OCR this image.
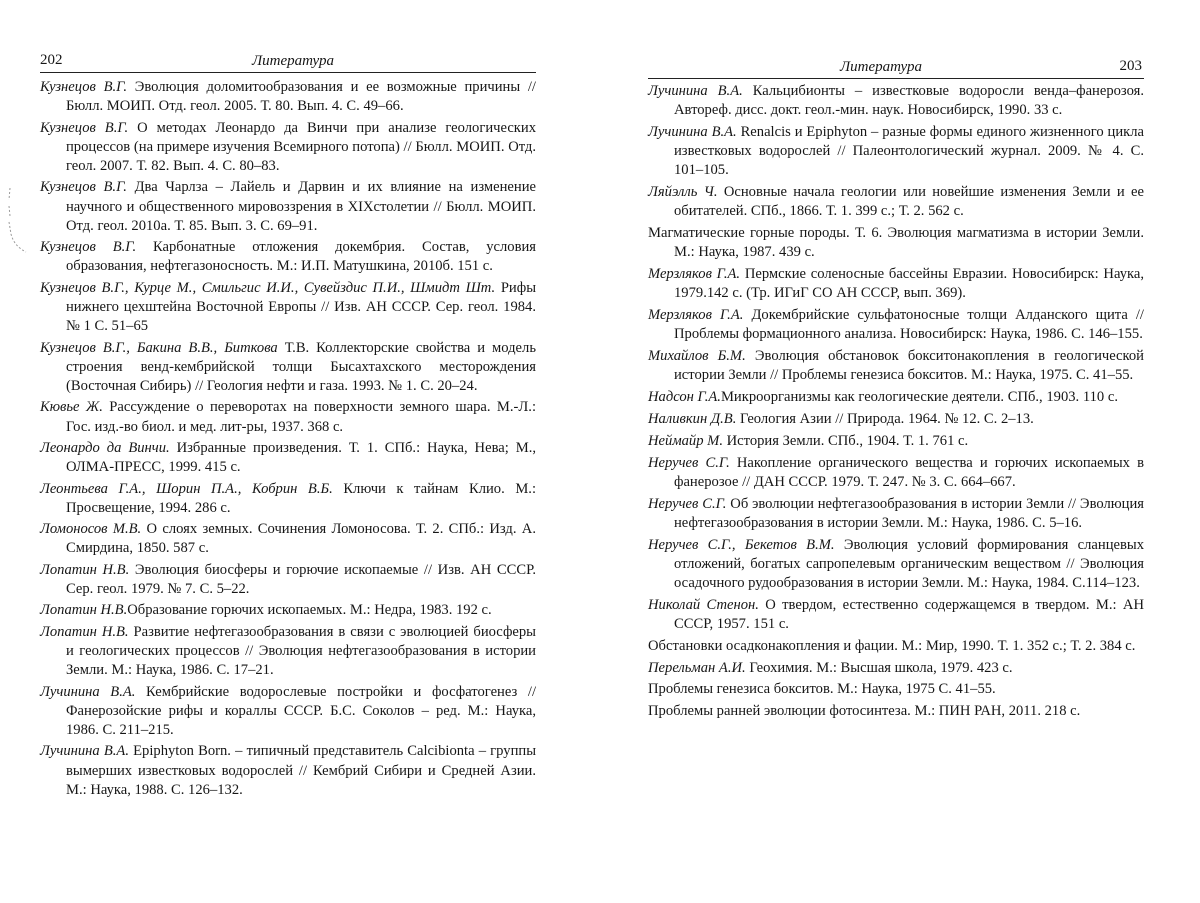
202	Литература
Кузнецов В.Г. Эволюция доломитообразования и ее возможные причины // Бюлл. МОИП. Отд. геол. 2005. Т. 80. Вып. 4. С. 49–66.
Кузнецов В.Г. О методах Леонардо да Винчи при анализе геологических процессов (на примере изучения Всемирного потопа) // Бюлл. МОИП. Отд. геол. 2007. Т. 82. Вып. 4. С. 80–83.
Кузнецов В.Г. Два Чарлза – Лайель и Дарвин и их влияние на изменение научного и общественного мировоззрения в XIXстолетии // Бюлл. МОИП. Отд. геол. 2010а. Т. 85. Вып. 3. С. 69–91.
Кузнецов В.Г. Карбонатные отложения докембрия. Состав, условия образования, нефтегазоносность. М.: И.П. Матушкина, 2010б. 151 с.
Кузнецов В.Г., Курце М., Смильгис И.И., Сувейздис П.И., Шмидт Шт. Рифы нижнего цехштейна Восточной Европы // Изв. АН СССР. Сер. геол. 1984. № 1 С. 51–65
Кузнецов В.Г., Бакина В.В., Биткова Т.В. Коллекторские свойства и модель строения венд-кембрийской толщи Бысахтахского месторождения (Восточная Сибирь) // Геология нефти и газа. 1993. № 1. С. 20–24.
Кювье Ж. Рассуждение о переворотах на поверхности земного шара. М.-Л.: Гос. изд.-во биол. и мед. лит-ры, 1937. 368 с.
Леонардо да Винчи. Избранные произведения. Т. 1. СПб.: Наука, Нева; М., ОЛМА-ПРЕСС, 1999. 415 с.
Леонтьева Г.А., Шорин П.А., Кобрин В.Б. Ключи к тайнам Клио. М.: Просвещение, 1994. 286 с.
Ломоносов М.В. О слоях земных. Сочинения Ломоносова. Т. 2. СПб.: Изд. А. Смирдина, 1850. 587 с.
Лопатин Н.В. Эволюция биосферы и горючие ископаемые // Изв. АН СССР. Сер. геол. 1979. № 7. С. 5–22.
Лопатин Н.В.Образование горючих ископаемых. М.: Недра, 1983. 192 с.
Лопатин Н.В. Развитие нефтегазообразования в связи с эволюцией биосферы и геологических процессов // Эволюция нефтегазообразования в истории Земли. М.: Наука, 1986. С. 17–21.
Лучинина В.А. Кембрийские водорослевые постройки и фосфатогенез // Фанерозойские рифы и кораллы СССР. Б.С. Соколов – ред. М.: Наука, 1986. С. 211–215.
Лучинина В.А. Epiphyton Born. – типичный представитель Calcibionta – группы вымерших известковых водорослей // Кембрий Сибири и Средней Азии. М.: Наука, 1988. С. 126–132.
Литература	203
Лучинина В.А. Кальцибионты – известковые водоросли венда–фанерозоя. Автореф. дисс. докт. геол.-мин. наук. Новосибирск, 1990. 33 с.
Лучинина В.А. Renalcis и Epiphyton – разные формы единого жизненного цикла известковых водорослей // Палеонтологический журнал. 2009. № 4. С. 101–105.
Ляйэлль Ч. Основные начала геологии или новейшие изменения Земли и ее обитателей. СПб., 1866. Т. 1. 399 с.; Т. 2. 562 с.
Магматические горные породы. Т. 6. Эволюция магматизма в истории Земли. М.: Наука, 1987. 439 с.
Мерзляков Г.А. Пермские соленосные бассейны Евразии. Новосибирск: Наука, 1979.142 с. (Тр. ИГиГ СО АН СССР, вып. 369).
Мерзляков Г.А. Докембрийские сульфатоносные толщи Алданского щита // Проблемы формационного анализа. Новосибирск: Наука, 1986. С. 146–155.
Михайлов Б.М. Эволюция обстановок бокситонакопления в геологической истории Земли // Проблемы генезиса бокситов. М.: Наука, 1975. С. 41–55.
Надсон Г.А.Микроорганизмы как геологические деятели. СПб., 1903. 110 с.
Наливкин Д.В. Геология Азии // Природа. 1964. № 12. С. 2–13.
Неймайр М. История Земли. СПб., 1904. Т. 1. 761 с.
Неручев С.Г. Накопление органического вещества и горючих ископаемых в фанерозое // ДАН СССР. 1979. Т. 247. № 3. С. 664–667.
Неручев С.Г. Об эволюции нефтегазообразования в истории Земли // Эволюция нефтегазообразования в истории Земли. М.: Наука, 1986. С. 5–16.
Неручев С.Г., Бекетов В.М. Эволюция условий формирования сланцевых отложений, богатых сапропелевым органическим веществом // Эволюция осадочного рудообразования в истории Земли. М.: Наука, 1984. С.114–123.
Николай Стенон. О твердом, естественно содержащемся в твердом. М.: АН СССР, 1957. 151 с.
Обстановки осадконакопления и фации. М.: Мир, 1990. Т. 1. 352 с.; Т. 2. 384 с.
Перельман А.И. Геохимия. М.: Высшая школа, 1979. 423 с.
Проблемы генезиса бокситов. М.: Наука, 1975 С. 41–55.
Проблемы ранней эволюции фотосинтеза. М.: ПИН РАН, 2011. 218 с.
